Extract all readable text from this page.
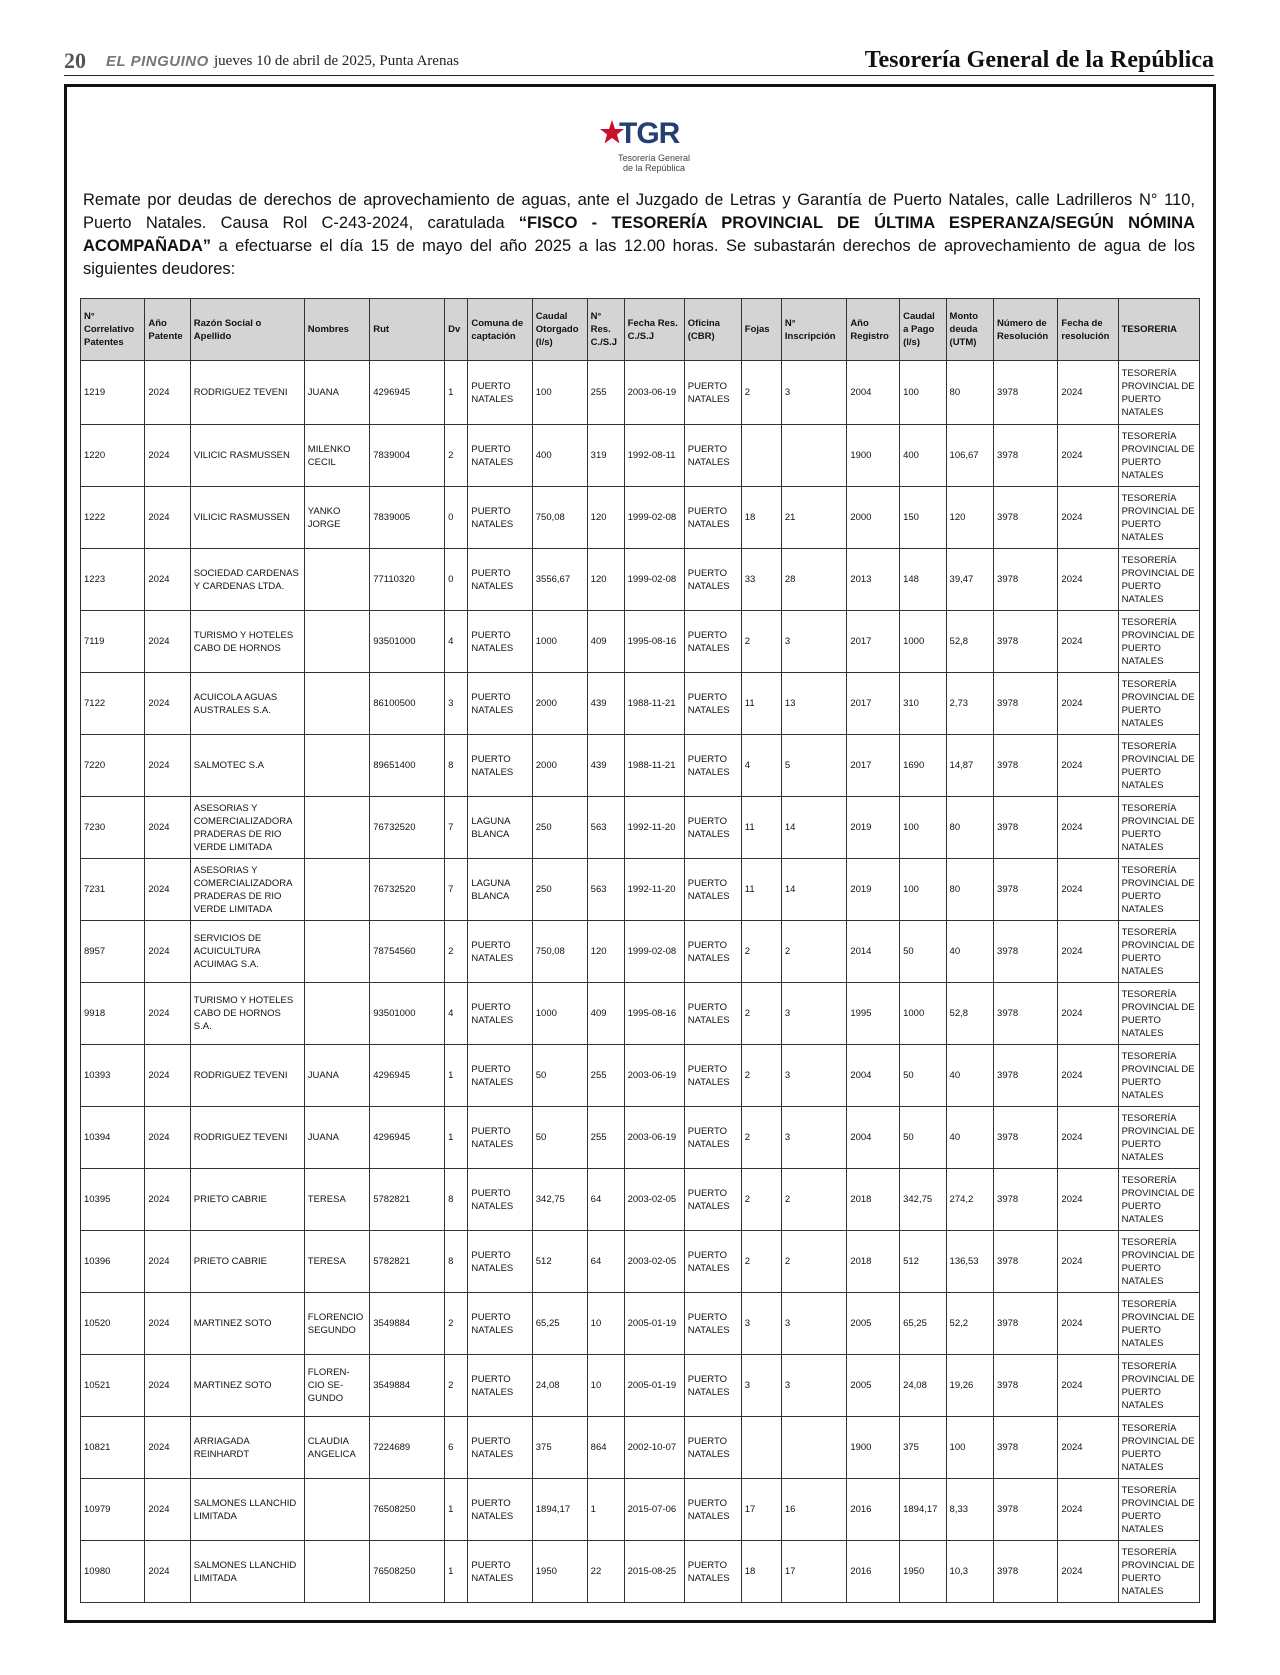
20 EL PINGUINO jueves 10 de abril de 2025, Punta Arenas	Tesorería General de la República
TGR
Tesorería General
de la República

Remate por deudas de derechos de aprovechamiento de aguas, ante el Juzgado de Letras y Garantía de Puerto Natales, calle Ladrilleros N° 110, Puerto Natales. Causa Rol C-243-2024, caratulada “FISCO - TESORERÍA PROVINCIAL DE ÚLTIMA ESPERANZA/SEGÚN NÓMINA ACOMPAÑADA” a efectuarse el día 15 de mayo del año 2025 a las 12.00 horas. Se subastarán derechos de aprovechamiento de agua de los siguientes deudores:

N° Correlativo Patentes	Año Patente	Razón Social o Apellido	Nombres	Rut	Dv	Comuna de captación	Caudal Otorgado (l/s)	N° Res. C./S.J	Fecha Res. C./S.J	Oficina (CBR)	Fojas	N° Inscripción	Año Registro	Caudal a Pago (l/s)	Monto deuda (UTM)	Número de Resolución	Fecha de resolución	TESORERIA
1219	2024	RODRIGUEZ TEVENI	JUANA	4296945	1	PUERTO NATALES	100	255	2003-06-19	PUERTO NATALES	2	3	2004	100	80	3978	2024	TESORERÍA PROVINCIAL DE PUERTO NATALES
1220	2024	VILICIC RASMUSSEN	MILENKO CECIL	7839004	2	PUERTO NATALES	400	319	1992-08-11	PUERTO NATALES			1900	400	106,67	3978	2024	TESORERÍA PROVINCIAL DE PUERTO NATALES
1222	2024	VILICIC RASMUSSEN	YANKO JORGE	7839005	0	PUERTO NATALES	750,08	120	1999-02-08	PUERTO NATALES	18	21	2000	150	120	3978	2024	TESORERÍA PROVINCIAL DE PUERTO NATALES
1223	2024	SOCIEDAD CARDENAS Y CARDENAS LTDA.		77110320	0	PUERTO NATALES	3556,67	120	1999-02-08	PUERTO NATALES	33	28	2013	148	39,47	3978	2024	TESORERÍA PROVINCIAL DE PUERTO NATALES
7119	2024	TURISMO Y HOTELES CABO DE HORNOS		93501000	4	PUERTO NATALES	1000	409	1995-08-16	PUERTO NATALES	2	3	2017	1000	52,8	3978	2024	TESORERÍA PROVINCIAL DE PUERTO NATALES
7122	2024	ACUICOLA AGUAS AUSTRALES S.A.		86100500	3	PUERTO NATALES	2000	439	1988-11-21	PUERTO NATALES	11	13	2017	310	2,73	3978	2024	TESORERÍA PROVINCIAL DE PUERTO NATALES
7220	2024	SALMOTEC S.A		89651400	8	PUERTO NATALES	2000	439	1988-11-21	PUERTO NATALES	4	5	2017	1690	14,87	3978	2024	TESORERÍA PROVINCIAL DE PUERTO NATALES
7230	2024	ASESORIAS Y COMERCIALIZADORA PRADERAS DE RIO VERDE LIMITADA		76732520	7	LAGUNA BLANCA	250	563	1992-11-20	PUERTO NATALES	11	14	2019	100	80	3978	2024	TESORERÍA PROVINCIAL DE PUERTO NATALES
7231	2024	ASESORIAS Y COMERCIALIZADORA PRADERAS DE RIO VERDE LIMITADA		76732520	7	LAGUNA BLANCA	250	563	1992-11-20	PUERTO NATALES	11	14	2019	100	80	3978	2024	TESORERÍA PROVINCIAL DE PUERTO NATALES
8957	2024	SERVICIOS DE ACUICULTURA ACUIMAG S.A.		78754560	2	PUERTO NATALES	750,08	120	1999-02-08	PUERTO NATALES	2	2	2014	50	40	3978	2024	TESORERÍA PROVINCIAL DE PUERTO NATALES
9918	2024	TURISMO Y HOTELES CABO DE HORNOS S.A.		93501000	4	PUERTO NATALES	1000	409	1995-08-16	PUERTO NATALES	2	3	1995	1000	52,8	3978	2024	TESORERÍA PROVINCIAL DE PUERTO NATALES
10393	2024	RODRIGUEZ TEVENI	JUANA	4296945	1	PUERTO NATALES	50	255	2003-06-19	PUERTO NATALES	2	3	2004	50	40	3978	2024	TESORERÍA PROVINCIAL DE PUERTO NATALES
10394	2024	RODRIGUEZ TEVENI	JUANA	4296945	1	PUERTO NATALES	50	255	2003-06-19	PUERTO NATALES	2	3	2004	50	40	3978	2024	TESORERÍA PROVINCIAL DE PUERTO NATALES
10395	2024	PRIETO CABRIE	TERESA	5782821	8	PUERTO NATALES	342,75	64	2003-02-05	PUERTO NATALES	2	2	2018	342,75	274,2	3978	2024	TESORERÍA PROVINCIAL DE PUERTO NATALES
10396	2024	PRIETO CABRIE	TERESA	5782821	8	PUERTO NATALES	512	64	2003-02-05	PUERTO NATALES	2	2	2018	512	136,53	3978	2024	TESORERÍA PROVINCIAL DE PUERTO NATALES
10520	2024	MARTINEZ SOTO	FLORENCIO SEGUNDO	3549884	2	PUERTO NATALES	65,25	10	2005-01-19	PUERTO NATALES	3	3	2005	65,25	52,2	3978	2024	TESORERÍA PROVINCIAL DE PUERTO NATALES
10521	2024	MARTINEZ SOTO	FLOREN-CIO SE-GUNDO	3549884	2	PUERTO NATALES	24,08	10	2005-01-19	PUERTO NATALES	3	3	2005	24,08	19,26	3978	2024	TESORERÍA PROVINCIAL DE PUERTO NATALES
10821	2024	ARRIAGADA REINHARDT	CLAUDIA ANGELICA	7224689	6	PUERTO NATALES	375	864	2002-10-07	PUERTO NATALES			1900	375	100	3978	2024	TESORERÍA PROVINCIAL DE PUERTO NATALES
10979	2024	SALMONES LLANCHID LIMITADA		76508250	1	PUERTO NATALES	1894,17	1	2015-07-06	PUERTO NATALES	17	16	2016	1894,17	8,33	3978	2024	TESORERÍA PROVINCIAL DE PUERTO NATALES
10980	2024	SALMONES LLANCHID LIMITADA		76508250	1	PUERTO NATALES	1950	22	2015-08-25	PUERTO NATALES	18	17	2016	1950	10,3	3978	2024	TESORERÍA PROVINCIAL DE PUERTO NATALES
